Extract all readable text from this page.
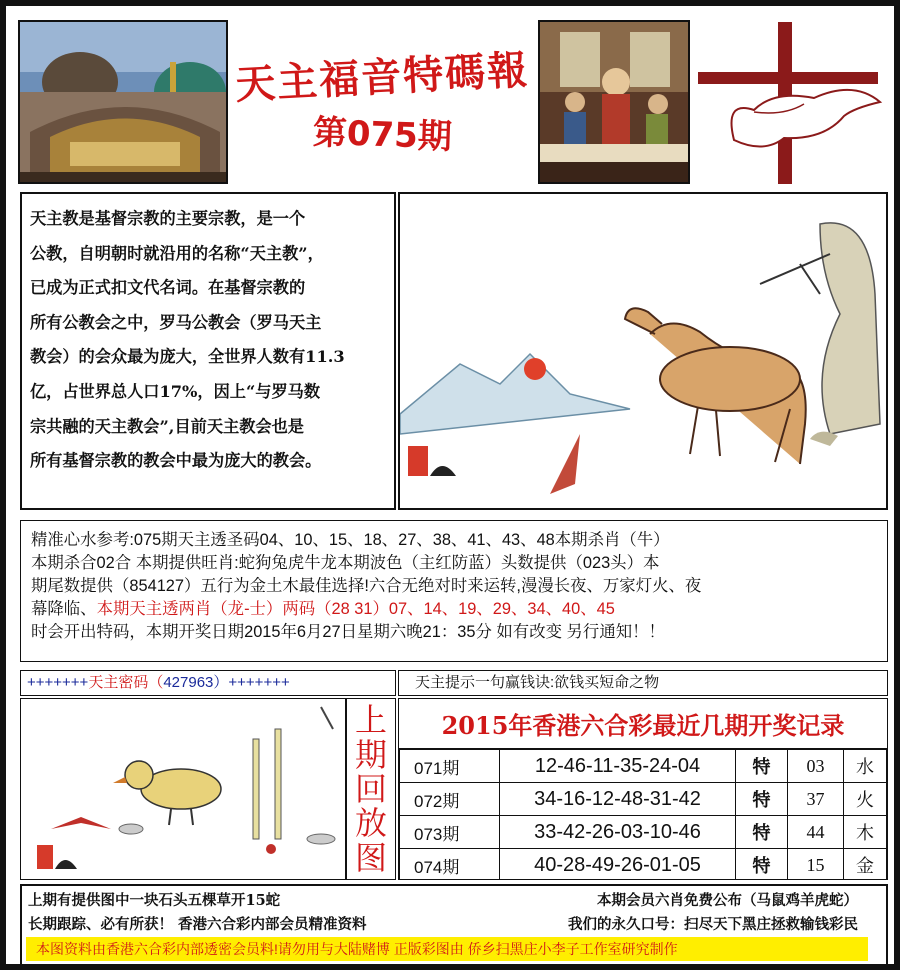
天主福音特碼報
第075期

天主教是基督宗教的主要宗教，是一个

公教，自明朝时就沿用的名称“天主教”，

已成为正式扣文代名词。在基督宗教的

所有公教会之中，罗马公教会（罗马天主

教会）的会众最为庞大，全世界人数有11.3

亿，占世界总人口17%，因上“与罗马数

宗共融的天主教会”,目前天主教会也是

所有基督宗教的教会中最为庞大的教会。

精准心水参考:075期天主透圣码04、10、15、18、27、38、41、43、48本期杀肖（牛）

本期杀合02合 本期提供旺肖:蛇狗兔虎牛龙本期波色（主红防蓝）头数提供（023头）本

期尾数提供（854127）五行为金土木最佳选择!六合无绝对时来运转,漫漫长夜、万家灯火、夜

幕降临、本期天主透两肖（龙-士）两码（28 31）07、14、19、29、34、40、45

时会开出特码，本期开奖日期2015年6月27日星期六晚21：35分 如有改变 另行通知！！

+++++++天主密码（427963）+++++++	天主提示一句赢钱诀:欲钱买短命之物
上
期
回
放
图
2015年香港六合彩最近几期开奖记录
071期	12-46-11-35-24-04	特	03	水
072期	34-16-12-48-31-42	特	37	火
073期	33-42-26-03-10-46	特	44	木
074期	40-28-49-26-01-05	特	15	金
上期有提供图中一块石头五棵草开15蛇	本期会员六肖免费公布（马鼠鸡羊虎蛇）
长期跟踪、必有所获！ 香港六合彩内部会员精准资料	我们的永久口号：扫尽天下黑庄拯救输钱彩民
本图资料由香港六合彩内部透密会员料!请勿用与大陆赌博 正版彩图由 侨乡扫黑庄小李子工作室研究制作
